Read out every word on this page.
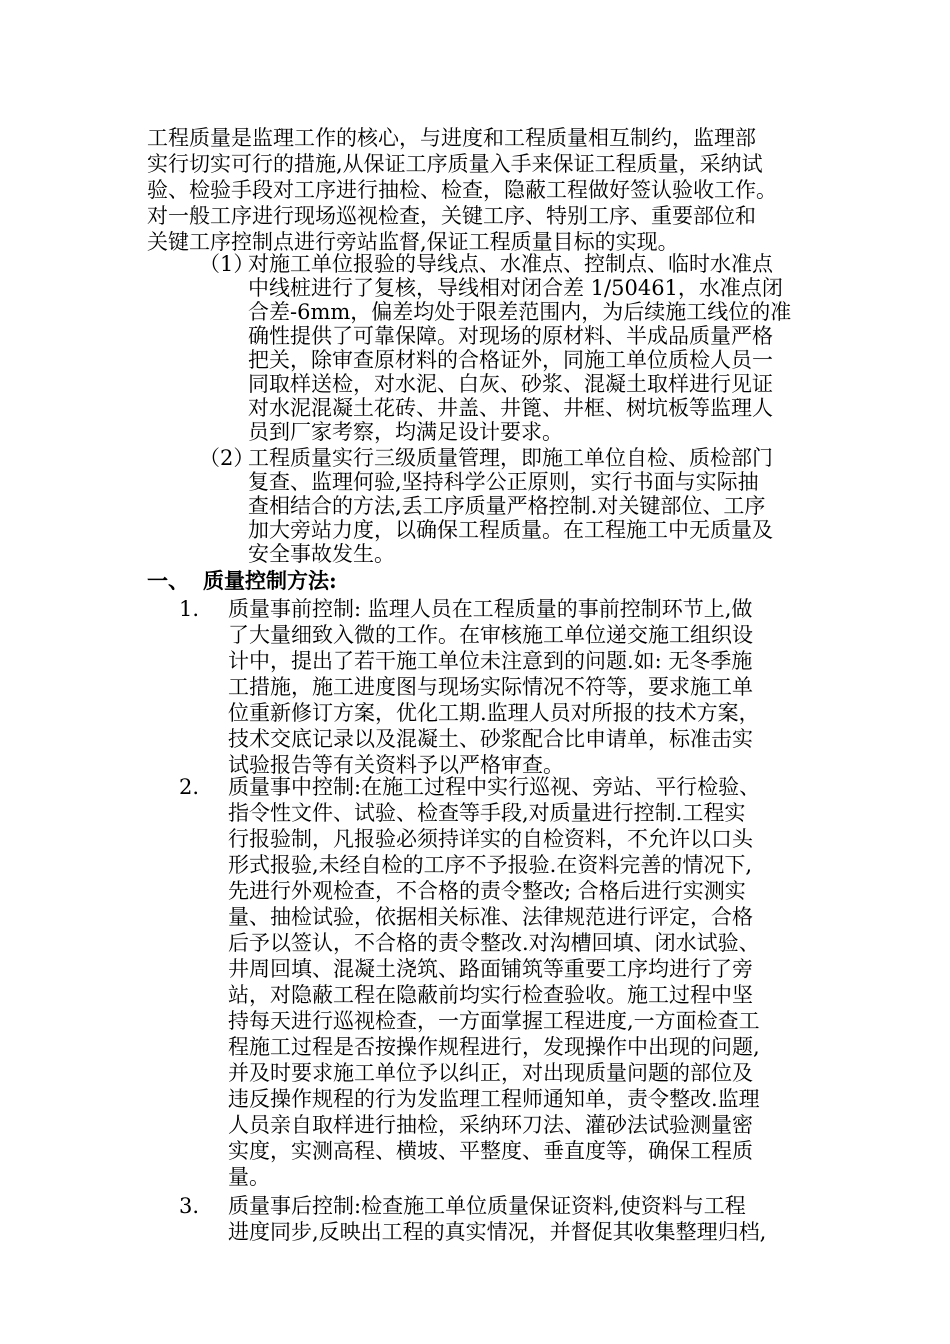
工程质量是监理工作的核心，与进度和工程质量相互制约，监理部
实行切实可行的措施,从保证工序质量入手来保证工程质量，采纳试
验、检验手段对工序进行抽检、检查，隐蔽工程做好签认验收工作。
对一般工序进行现场巡视检查，关键工序、特别工序、重要部位和
关键工序控制点进行旁站监督,保证工程质量目标的实现。
（1）
对施工单位报验的导线点、水准点、控制点、临时水准点
中线桩进行了复核，导线相对闭合差 1/50461，水准点闭
合差-6mm，偏差均处于限差范围内，为后续施工线位的准
确性提供了可靠保障。对现场的原材料、半成品质量严格
把关，除审查原材料的合格证外，同施工单位质检人员一
同取样送检，对水泥、白灰、砂浆、混凝土取样进行见证
对水泥混凝土花砖、井盖、井篦、井框、树坑板等监理人
员到厂家考察，均满足设计要求。
（2）
工程质量实行三级质量管理，即施工单位自检、质检部门
复查、监理何验,坚持科学公正原则，实行书面与实际抽
查相结合的方法,丢工序质量严格控制.对关键部位、工序
加大旁站力度，以确保工程质量。在工程施工中无质量及
安全事故发生。
一、 质量控制方法:
1. 质量事前控制: 监理人员在工程质量的事前控制环节上,做
了大量细致入微的工作。在审核施工单位递交施工组织设
计中，提出了若干施工单位未注意到的问题.如: 无冬季施
工措施，施工进度图与现场实际情况不符等，要求施工单
位重新修订方案，优化工期.监理人员对所报的技术方案，
技术交底记录以及混凝土、砂浆配合比申请单，标准击实
试验报告等有关资料予以严格审查。
2. 质量事中控制:在施工过程中实行巡视、旁站、平行检验、
指令性文件、试验、检查等手段,对质量进行控制.工程实
行报验制，凡报验必须持详实的自检资料，不允许以口头
形式报验,未经自检的工序不予报验.在资料完善的情况下,
先进行外观检查，不合格的责令整改; 合格后进行实测实
量、抽检试验，依据相关标准、法律规范进行评定，合格
后予以签认，不合格的责令整改.对沟槽回填、闭水试验、
井周回填、混凝土浇筑、路面铺筑等重要工序均进行了旁
站，对隐蔽工程在隐蔽前均实行检查验收。施工过程中坚
持每天进行巡视检查，一方面掌握工程进度,一方面检查工
程施工过程是否按操作规程进行，发现操作中出现的问题,
并及时要求施工单位予以纠正，对出现质量问题的部位及
违反操作规程的行为发监理工程师通知单，责令整改.监理
人员亲自取样进行抽检，采纳环刀法、灌砂法试验测量密
实度，实测高程、横坡、平整度、垂直度等，确保工程质
量。
3. 质量事后控制:检查施工单位质量保证资料,使资料与工程
进度同步,反映出工程的真实情况，并督促其收集整理归档,
